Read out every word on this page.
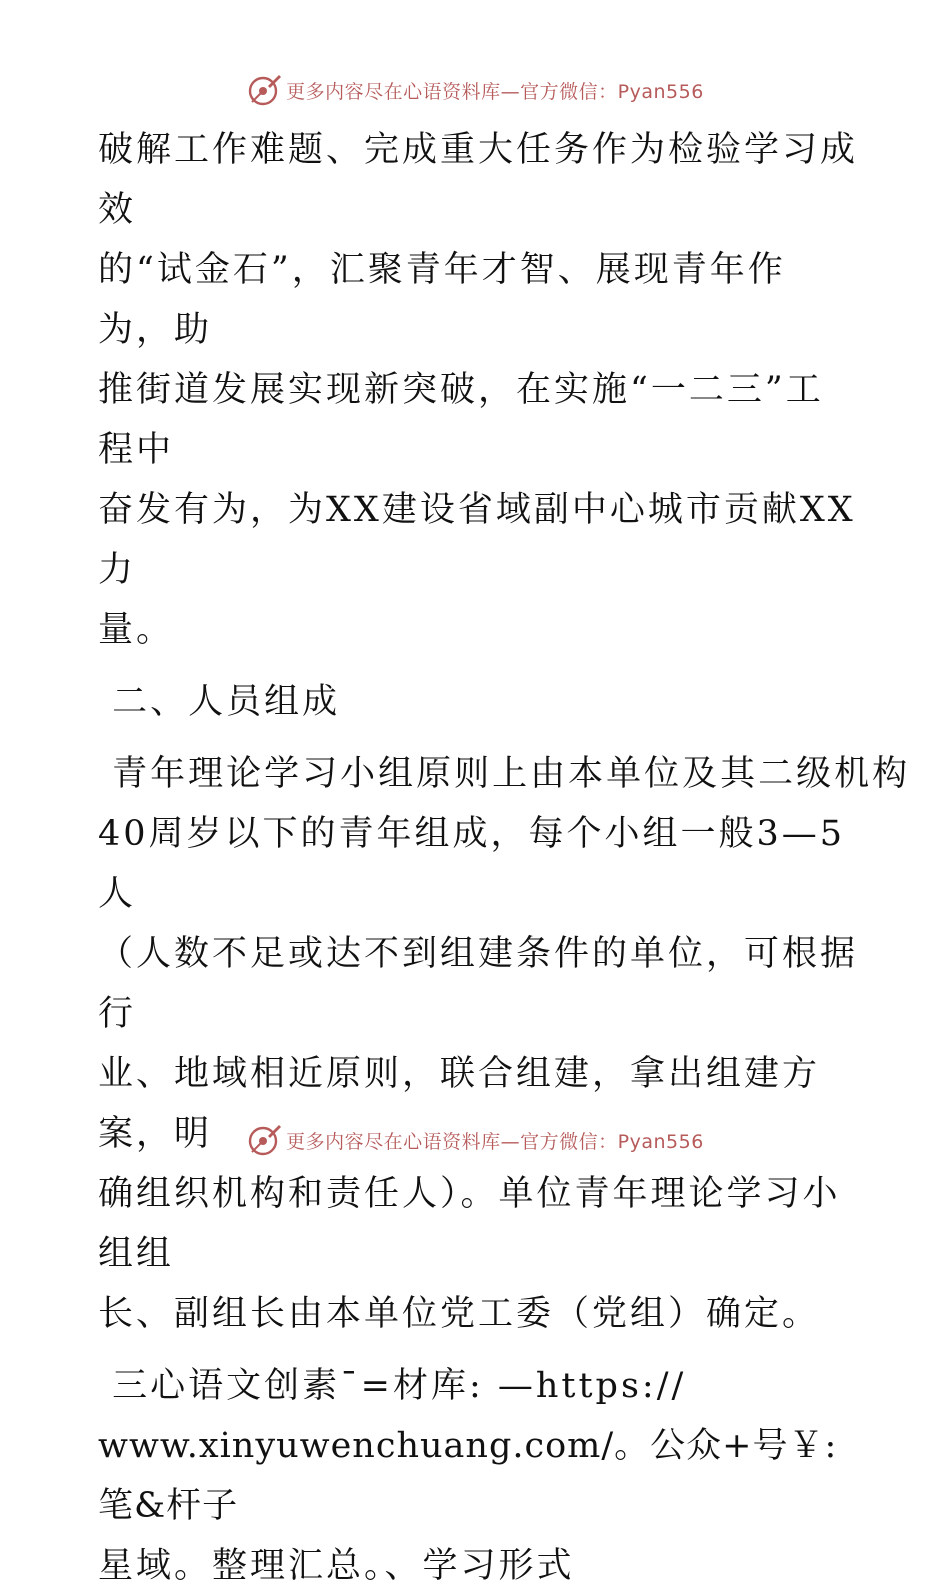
更多内容尽在心语资料库—官方微信：Pyan556

破解工作难题、完成重大任务作为检验学习成效

的“试金石”，汇聚青年才智、展现青年作为，助

推街道发展实现新突破，在实施“一二三”工程中

奋发有为，为XX建设省域副中心城市贡献XX力

量。

二、人员组成

青年理论学习小组原则上由本单位及其二级机构

40周岁以下的青年组成，每个小组一般3—5人

（人数不足或达不到组建条件的单位，可根据行

业、地域相近原则，联合组建，拿出组建方案，明

确组织机构和责任人）。单位青年理论学习小组组

长、副组长由本单位党工委（党组）确定。

三心语文创素¯=材库: —https://

www.xinyuwenchuang.com/。公众+号￥: 笔&杆子

星域。整理汇总。、学习形式

更多内容尽在心语资料库—官方微信：Pyan556
